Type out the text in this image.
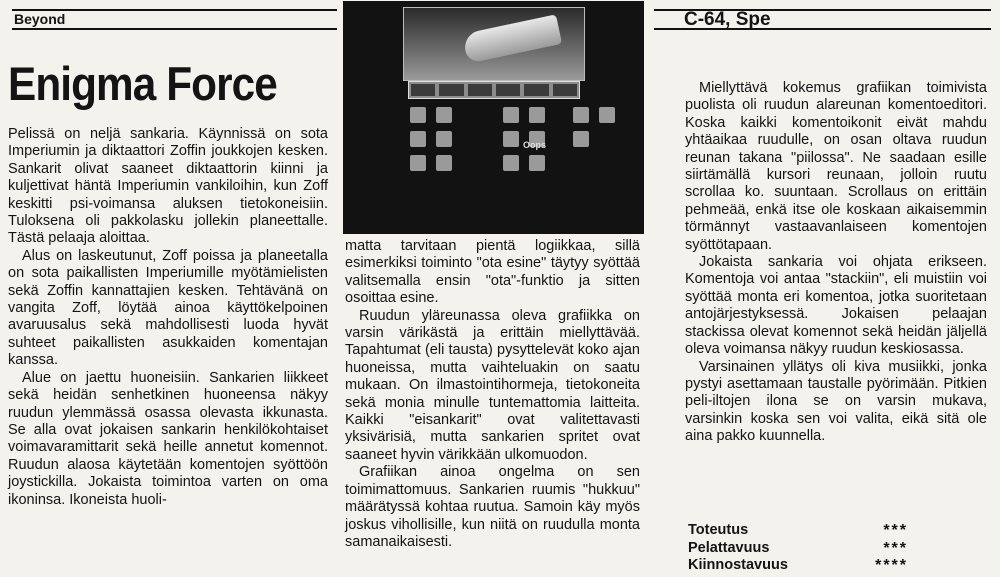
Beyond	C-64, Spe
Oops
Enigma Force

Pelissä on neljä sankaria. Käynnissä on sota Imperiumin ja diktaattori Zoffin joukkojen kesken. Sankarit olivat saaneet diktaattorin kiinni ja kuljettivat häntä Imperiumin vankiloihin, kun Zoff keskitti psi-voimansa aluksen tietokoneisiin. Tuloksena oli pakkolasku jollekin planeettalle. Tästä pelaaja aloittaa.

Alus on laskeutunut, Zoff poissa ja planeetalla on sota paikallisten Imperiumille myötämielisten sekä Zoffin kannattajien kesken. Tehtävänä on vangita Zoff, löytää ainoa käyttökelpoinen avaruusalus sekä mahdollisesti luoda hyvät suhteet paikallisten asukkaiden komentajan kanssa.

Alue on jaettu huoneisiin. Sankarien liikkeet sekä heidän senhetkinen huoneensa näkyy ruudun ylemmässä osassa olevasta ikkunasta. Se alla ovat jokaisen sankarin henkilökohtaiset voimavaramittarit sekä heille annetut komennot. Ruudun alaosa käytetään komentojen syöttöön joystickilla. Jokaista toimintoa varten on oma ikoninsa. Ikoneista huoli-

matta tarvitaan pientä logiikkaa, sillä esimerkiksi toiminto "ota esine" täytyy syöttää valitsemalla ensin "ota"-funktio ja sitten osoittaa esine.

Ruudun yläreunassa oleva grafiikka on varsin värikästä ja erittäin miellyttävää. Tapahtumat (eli tausta) pysyttelevät koko ajan huoneissa, mutta vaihteluakin on saatu mukaan. On ilmastointihormeja, tietokoneita sekä monia minulle tuntemattomia laitteita. Kaikki "eisankarit" ovat valitettavasti yksivärisiä, mutta sankarien spritet ovat saaneet hyvin värikkään ulkomuodon.

Grafiikan ainoa ongelma on sen toimimattomuus. Sankarien ruumis "hukkuu" määrätyssä kohtaa ruutua. Samoin käy myös joskus vihollisille, kun niitä on ruudulla monta samanaikaisesti.

Miellyttävä kokemus grafiikan toimivista puolista oli ruudun alareunan komentoeditori. Koska kaikki komentoikonit eivät mahdu yhtäaikaa ruudulle, on osan oltava ruudun reunan takana "piilossa". Ne saadaan esille siirtämällä kursori reunaan, jolloin ruutu scrollaa ko. suuntaan. Scrollaus on erittäin pehmeää, enkä itse ole koskaan aikaisemmin törmännyt vastaavanlaiseen komentojen syöttötapaan.

Jokaista sankaria voi ohjata erikseen. Komentoja voi antaa "stackiin", eli muistiin voi syöttää monta eri komentoa, jotka suoritetaan antojärjestyksessä. Jokaisen pelaajan stackissa olevat komennot sekä heidän jäljellä oleva voimansa näkyy ruudun keskiosassa.

Varsinainen yllätys oli kiva musiikki, jonka pystyi asettamaan taustalle pyörimään. Pitkien peli-iltojen ilona se on varsin mukava, varsinkin koska sen voi valita, eikä sitä ole aina pakko kuunnella.

Toteutus	***
Pelattavuus	***
Kiinnostavuus	****
